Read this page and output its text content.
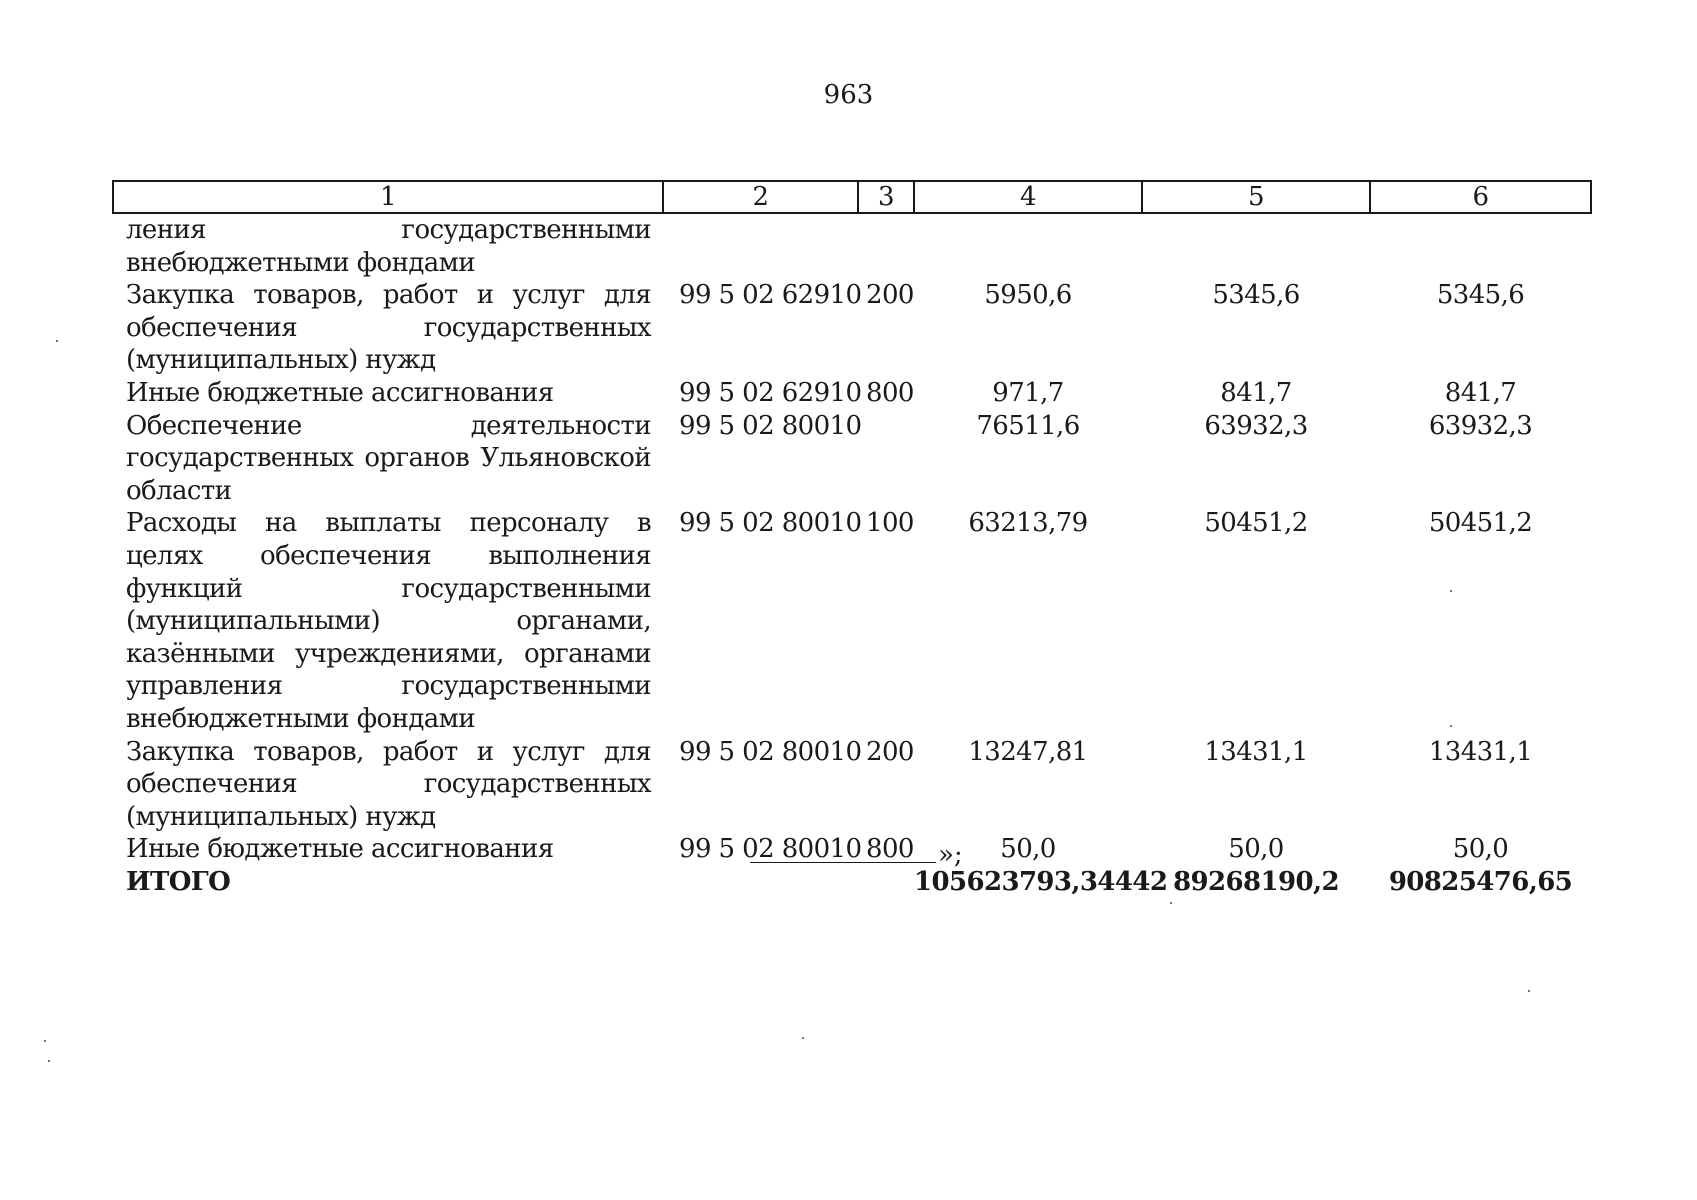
963
1	2	3	4	5	6
ления государственными внебюджетными фондами					
Закупка товаров, работ и услуг для обеспечения государственных (муниципальных) нужд	99 5 02 62910	200	5950,6	5345,6	5345,6
Иные бюджетные ассигнования	99 5 02 62910	800	971,7	841,7	841,7
Обеспечение деятельности государственных органов Ульяновской области	99 5 02 80010		76511,6	63932,3	63932,3
Расходы на выплаты персоналу в целях обеспечения выполнения функций государственными (муниципальными) органами, казёнными учреждениями, органами управления государственными внебюджетными фондами	99 5 02 80010	100	63213,79	50451,2	50451,2
Закупка товаров, работ и услуг для обеспечения государственных (муниципальных) нужд	99 5 02 80010	200	13247,81	13431,1	13431,1
Иные бюджетные ассигнования	99 5 02 80010	800	50,0	50,0	50,0
ИТОГО			105623793,34442	89268190,2	90825476,65
»;
